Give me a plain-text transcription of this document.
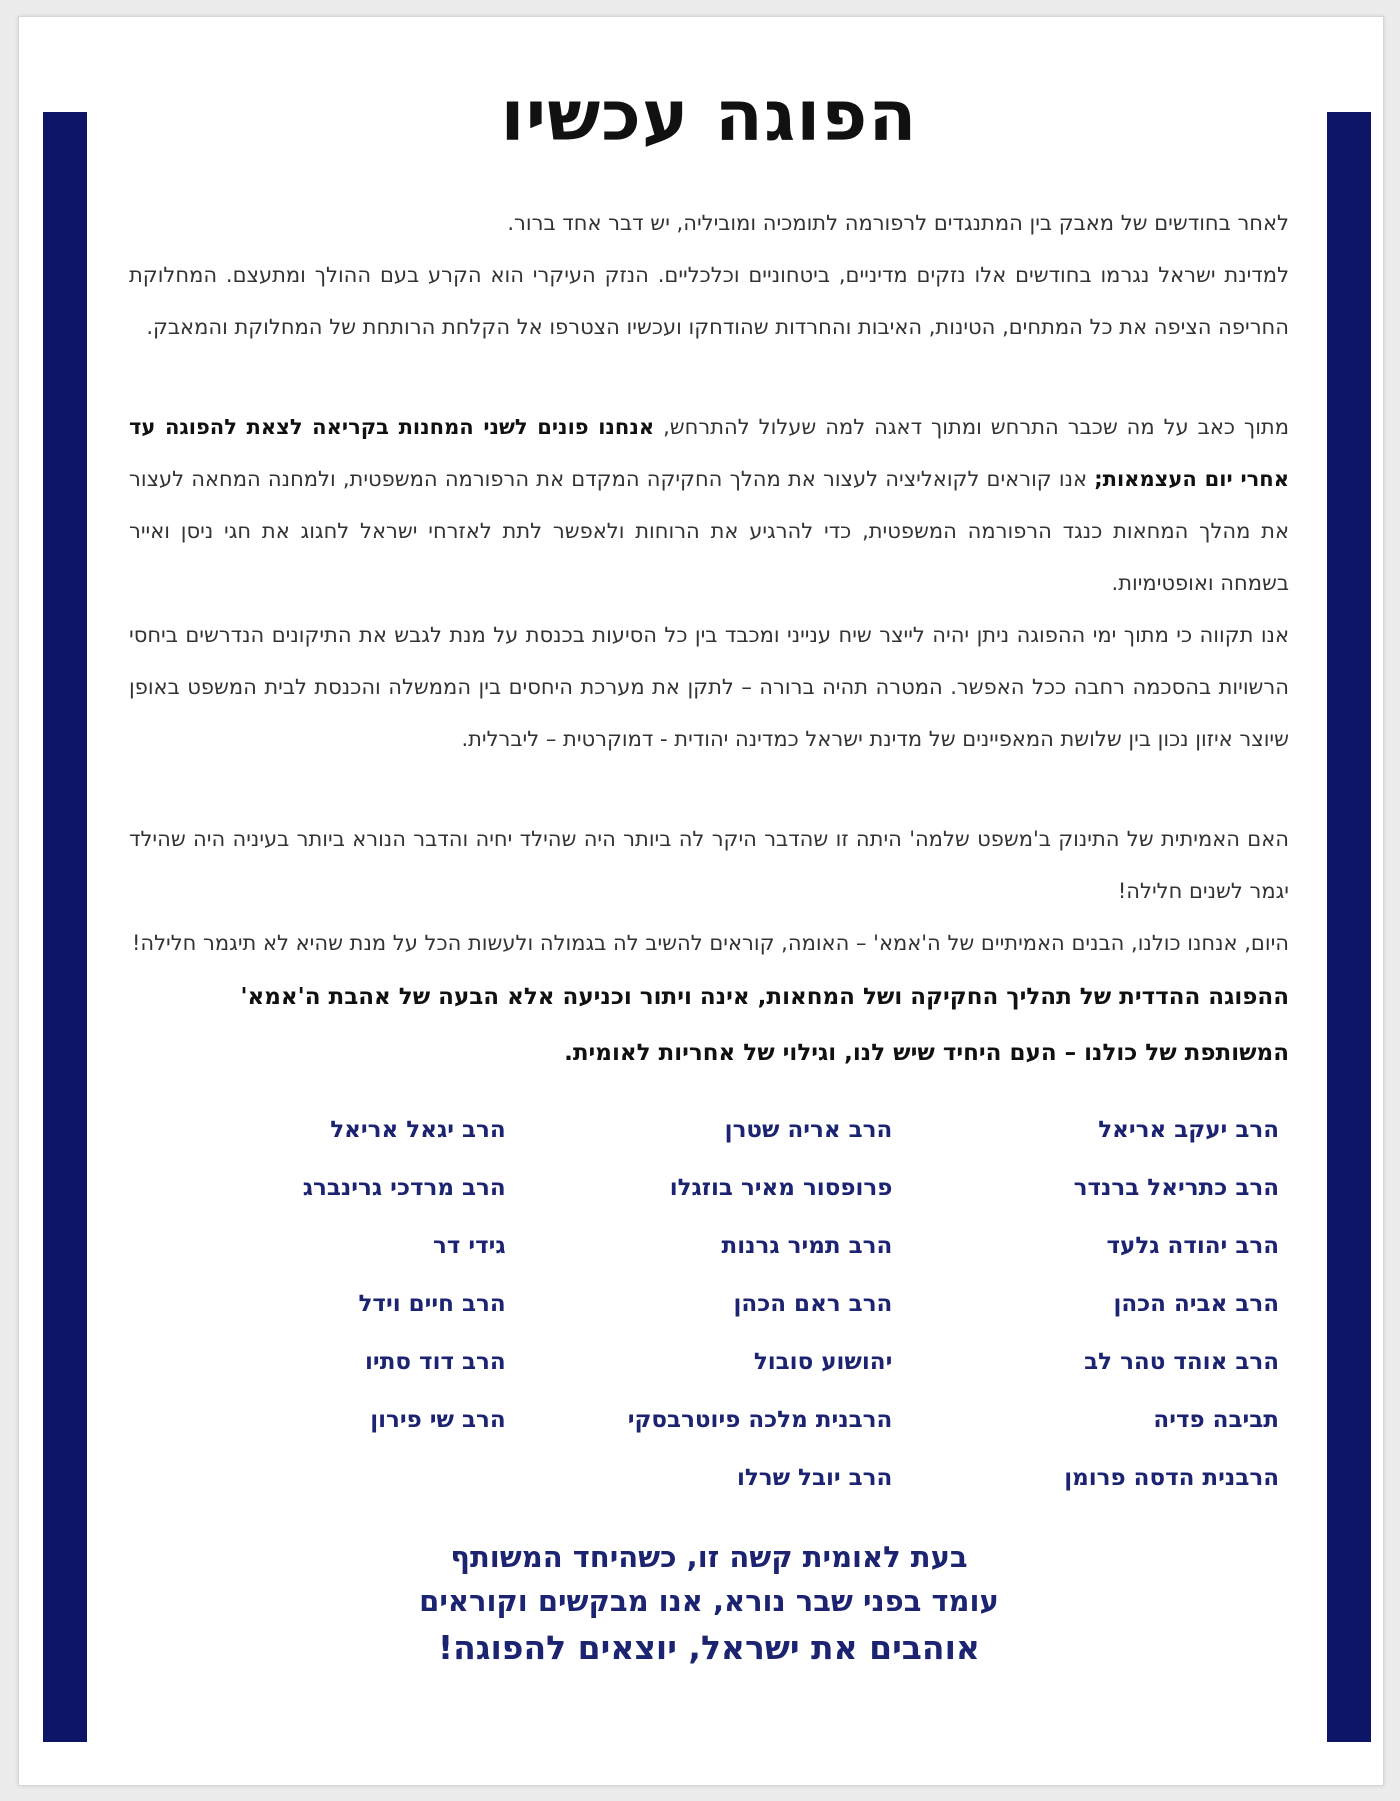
הפוגה עכשיו

לאחר בחודשים של מאבק בין המתנגדים לרפורמה לתומכיה ומוביליה, יש דבר אחד ברור.

למדינת ישראל נגרמו בחודשים אלו נזקים מדיניים, ביטחוניים וכלכליים. הנזק העיקרי הוא הקרע בעם ההולך ומתעצם. המחלוקת החריפה הציפה את כל המתחים, הטינות, האיבות והחרדות שהודחקו ועכשיו הצטרפו אל הקלחת הרותחת של המחלוקת והמאבק.

מתוך כאב על מה שכבר התרחש ומתוך דאגה למה שעלול להתרחש, אנחנו פונים לשני המחנות בקריאה לצאת להפוגה עד אחרי יום העצמאות; אנו קוראים לקואליציה לעצור את מהלך החקיקה המקדם את הרפורמה המשפטית, ולמחנה המחאה לעצור את מהלך המחאות כנגד הרפורמה המשפטית, כדי להרגיע את הרוחות ולאפשר לתת לאזרחי ישראל לחגוג את חגי ניסן ואייר בשמחה ואופטימיות.

אנו תקווה כי מתוך ימי ההפוגה ניתן יהיה לייצר שיח ענייני ומכבד בין כל הסיעות בכנסת על מנת לגבש את התיקונים הנדרשים ביחסי הרשויות בהסכמה רחבה ככל האפשר. המטרה תהיה ברורה – לתקן את מערכת היחסים בין הממשלה והכנסת לבית המשפט באופן שיוצר איזון נכון בין שלושת המאפיינים של מדינת ישראל כמדינה יהודית - דמוקרטית – ליברלית.

האם האמיתית של התינוק ב'משפט שלמה' היתה זו שהדבר היקר לה ביותר היה שהילד יחיה והדבר הנורא ביותר בעיניה היה שהילד יגמר לשנים חלילה!

היום, אנחנו כולנו, הבנים האמיתיים של ה'אמא' – האומה, קוראים להשיב לה בגמולה ולעשות הכל על מנת שהיא לא תיגמר חלילה!

ההפוגה ההדדית של תהליך החקיקה ושל המחאות, אינה ויתור וכניעה אלא הבעה של אהבת ה'אמא' המשותפת של כולנו – העם היחיד שיש לנו, וגילוי של אחריות לאומית.

הרב יעקב אריאל
הרב אריה שטרן
הרב יגאל אריאל
הרב כתריאל ברנדר
פרופסור מאיר בוזגלו
הרב מרדכי גרינברג
הרב יהודה גלעד
הרב תמיר גרנות
גידי דר
הרב אביה הכהן
הרב ראם הכהן
הרב חיים וידל
הרב אוהד טהר לב
יהושוע סובול
הרב דוד סתיו
תביבה פדיה
הרבנית מלכה פיוטרבסקי
הרב שי פירון
הרבנית הדסה פרומן
הרב יובל שרלו
בעת לאומית קשה זו, כשהיחד המשותף
עומד בפני שבר נורא, אנו מבקשים וקוראים
אוהבים את ישראל, יוצאים להפוגה!
